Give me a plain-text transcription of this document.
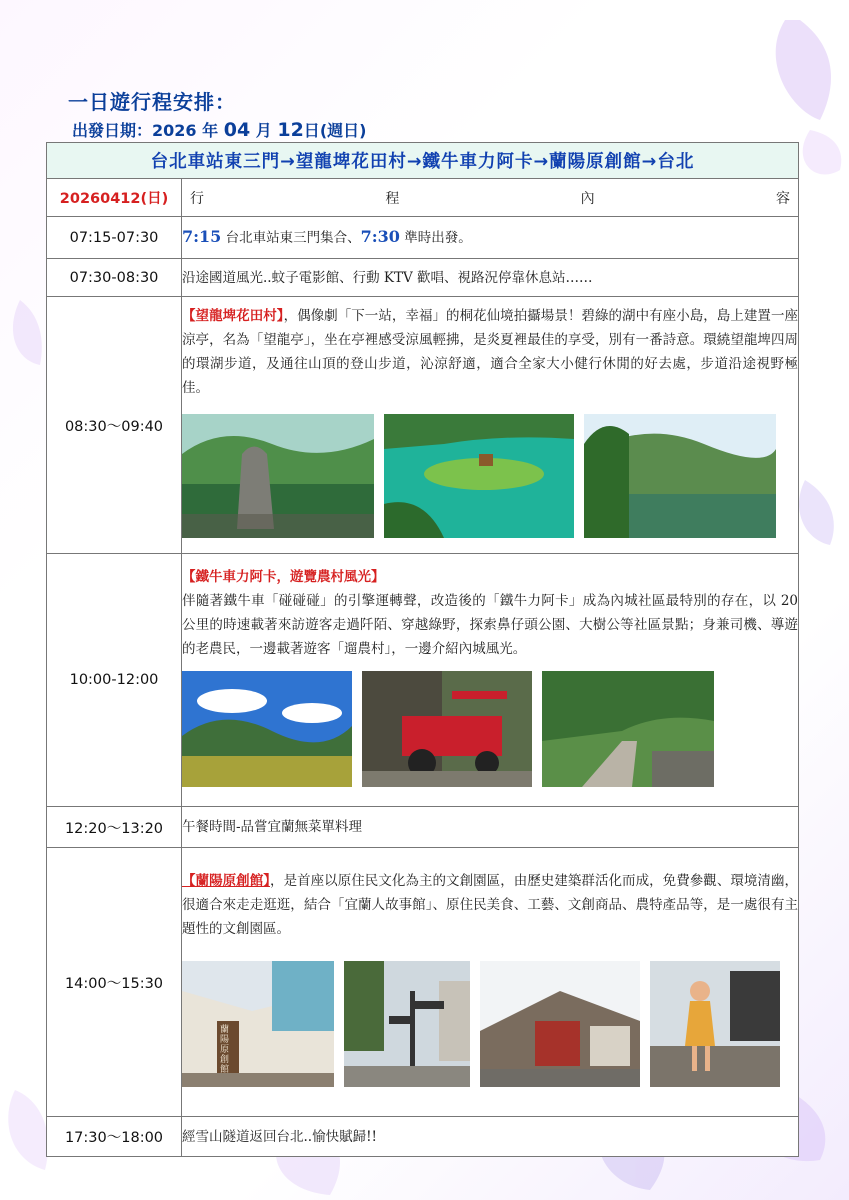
一日遊行程安排：
出發日期：2026 年 04 月 12日(週日)
台北車站東三門→望龍埤花田村→鐵牛車力阿卡→蘭陽原創館→台北	
20260412(日)	行 程 內 容

07:15-07:30	7:15 台北車站東三門集合、7:30 準時出發。
07:30-08:30	沿途國道風光..蚊子電影館、行動 KTV 歡唱、視路況停靠休息站……
08:30～09:40	【望龍埤花田村】，偶像劇「下一站，幸福」的桐花仙境拍攝場景！碧綠的湖中有座小島，島上建置一座涼亭，名為「望龍亭」，坐在亭裡感受涼風輕拂，是炎夏裡最佳的享受，別有一番詩意。環繞望龍埤四周的環湖步道，及通往山頂的登山步道，沁涼舒適，適合全家大小健行休閒的好去處，步道沿途視野極佳。

10:00-12:00	【鐵牛車力阿卡，遊覽農村風光】
伴隨著鐵牛車「碰碰碰」的引擎運轉聲，改造後的「鐵牛力阿卡」成為內城社區最特別的存在，以 20 公里的時速載著來訪遊客走過阡陌、穿越綠野，探索鼻仔頭公園、大樹公等社區景點；身兼司機、導遊的老農民，一邊載著遊客「遛農村」，一邊介紹內城風光。

12:20～13:20	午餐時間-品嘗宜蘭無菜單料理
14:00～15:30	【蘭陽原創館】，是首座以原住民文化為主的文創園區，由歷史建築群活化而成，免費參觀、環境清幽，很適合來走走逛逛，結合「宜蘭人故事館」、原住民美食、工藝、文創商品、農特產品等，是一處很有主題性的文創園區。
蘭陽原創館

17:30～18:00	經雪山隧道返回台北..愉快賦歸!!
